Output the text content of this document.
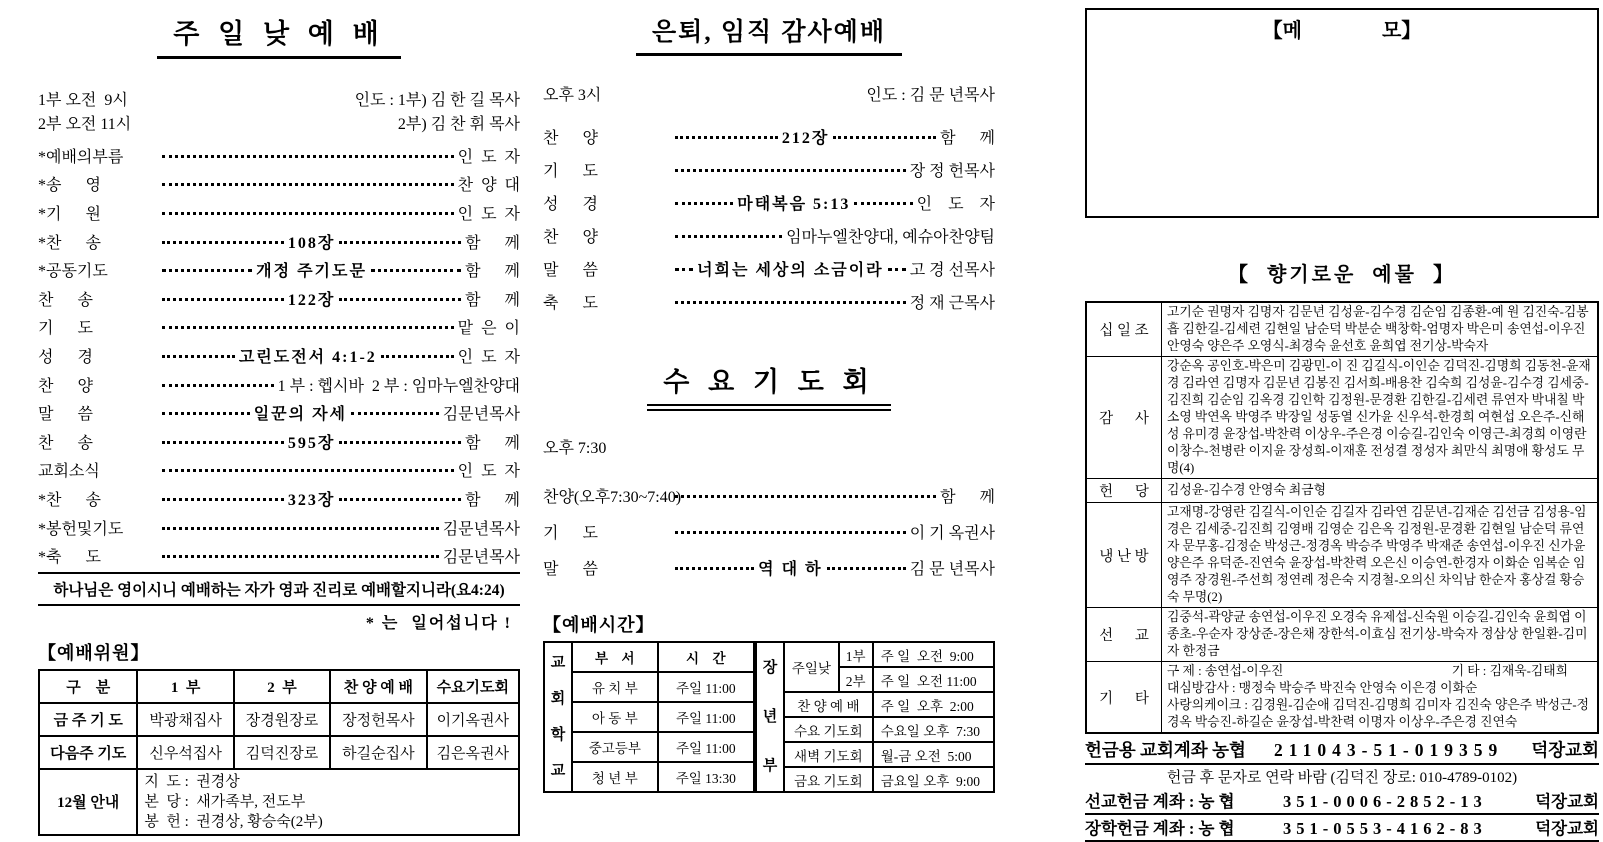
주 일 낮 예 배
1부 오전  9시	인도 : 1부) 김 한 길 목사
2부 오전 11시	2부) 김 찬 휘 목사
*예배의부름	인  도  자
*송      영	찬  양  대
*기      원	인  도  자
*찬      송	108장	함      께
*공동기도	개정 주기도문	함      께
찬      송	122장	함      께
기      도	맡  은  이
성      경	고린도전서 4:1-2	인  도  자
찬      양	1 부 : 헵시바  2 부 : 임마누엘찬양대
말      씀	일꾼의 자세	김문년목사
찬      송	595장	함      께
교회소식	인  도  자
*찬      송	323장	함      께
*봉헌및기도	김문년목사
*축      도	김문년목사
하나님은 영이시니 예배하는 자가 영과 진리로 예배할지니라(요4:24)
* 는  일어섭니다 !
【예배위원】
구    분	1  부	2  부	찬 양 예 배	수요기도회
금 주 기 도	박광채집사	장경원장로	장정헌목사	이기옥권사
다음주 기도	신우석집사	김덕진장로	하길순집사	김은옥권사
12월 안내	지  도 :  권경상
본  당 :  새가족부, 전도부
봉  헌 :  권경상, 황승숙(2부)			
은퇴, 임직 감사예배
오후 3시	인도 : 김 문 년목사
찬      양	212장	함      께
기      도	장 정 헌목사
성      경	마태복음 5:13	인    도    자
찬      양	임마누엘찬양대, 예슈아찬양팀
말      씀	너희는 세상의 소금이라 고 경 선목사
축      도	정 재 근목사
수 요 기 도 회
오후 7:30
찬양(오후7:30~7:40)	함      께
기      도	이 기 옥권사
말      씀	역 대 하	김 문 년목사
【예배시간】
교회학교	부    서	시    간
	유 치 부	주일 11:00
	아 동 부	주일 11:00
	중고등부	주일 11:00
	청 년 부	주일 13:30
장년부	주일낮	1부	주 일  오전  9:00
		2부	주 일  오전 11:00
	찬 양 예 배		주 일  오후  2:00
	수요 기도회		수요일 오후  7:30
	새벽 기도회		월-금 오전  5:00
	금요 기도회		금요일 오후  9:00
【메                모】
【  향기로운  예물  】
십 일 조	고기순 권명자 김명자 김문년 김성윤-김수경 김순임 김종환-예 원 김진숙-김봉흡 김한길-김세련 김현일 남순덕 박분순 백창학-엄명자 박은미 송연섭-이우진 안영숙 양은주 오영식-최경숙 윤선호 윤희엽 전기상-박숙자
감      사	강순옥 공인호-박은미 김광민-이 진 김길식-이인순 김덕진-김명희 김동천-윤재경 김라연 김명자 김문년 김봉진 김서희-배용찬 김숙희 김성윤-김수경 김세중-김진희 김순임 김옥경 김인학 김정원-문경환 김한길-김세련 류연자 박내칠 박소영 박연옥 박영주 박장일 성동열 신가윤 신우석-한경희 여현섭 오은주-신해성 유미경 윤장섭-박찬력 이상우-주은경 이승길-김인숙 이영근-최경희 이영란 이창수-천병란 이지윤 장성희-이재훈 전성결 정성자 최만식 최명애 황성도 무명(4)
헌      당	김성윤-김수경 안영숙 최금형
냉 난 방	고재명-강영란 김길식-이인순 김길자 김라연 김문년-김재순 김선금 김성용-임경은 김세중-김진희 김영배 김영순 김은옥 김정원-문경환 김현일 남순덕 류연자 문무홍-김정순 박성근-정경옥 박승주 박영주 박재준 송연섭-이우진 신가윤 양은주 유덕준-진연숙 윤장섭-박찬력 오은신 이승연-한경자 이화순 임복순 임영주 장경원-주선희 정연례 정은숙 지경철-오의신 차익남 한순자 홍상걸 황승숙 무명(2)
선      교	김중석-곽양균 송연섭-이우진 오경숙 유제섭-신숙원 이승길-김인숙 윤희엽 이종초-우순자 장상준-장은채 장한석-이효심 전기상-박숙자 정삼상 한일환-김미자 한정금
기      타	구 제 : 송연섭-이우진 기 타 : 김재욱-김태희
대심방감사 : 맹정숙 박승주 박진숙 안영숙 이은경 이화순
사랑의케이크 : 김경원-김순애 김덕진-김명희 김미자 김진숙 양은주 박성근-정경옥 박승진-하길순 윤장섭-박찬력 이명자 이상우-주은경 진연숙
헌금용 교회계좌 농협 211043-51-019359 덕장교회
헌금 후 문자로 연락 바람 (김덕진 장로: 010-4789-0102)
선교헌금 계좌 : 농 협	351-0006-2852-13	덕장교회
장학헌금 계좌 : 농 협	351-0553-4162-83	덕장교회
